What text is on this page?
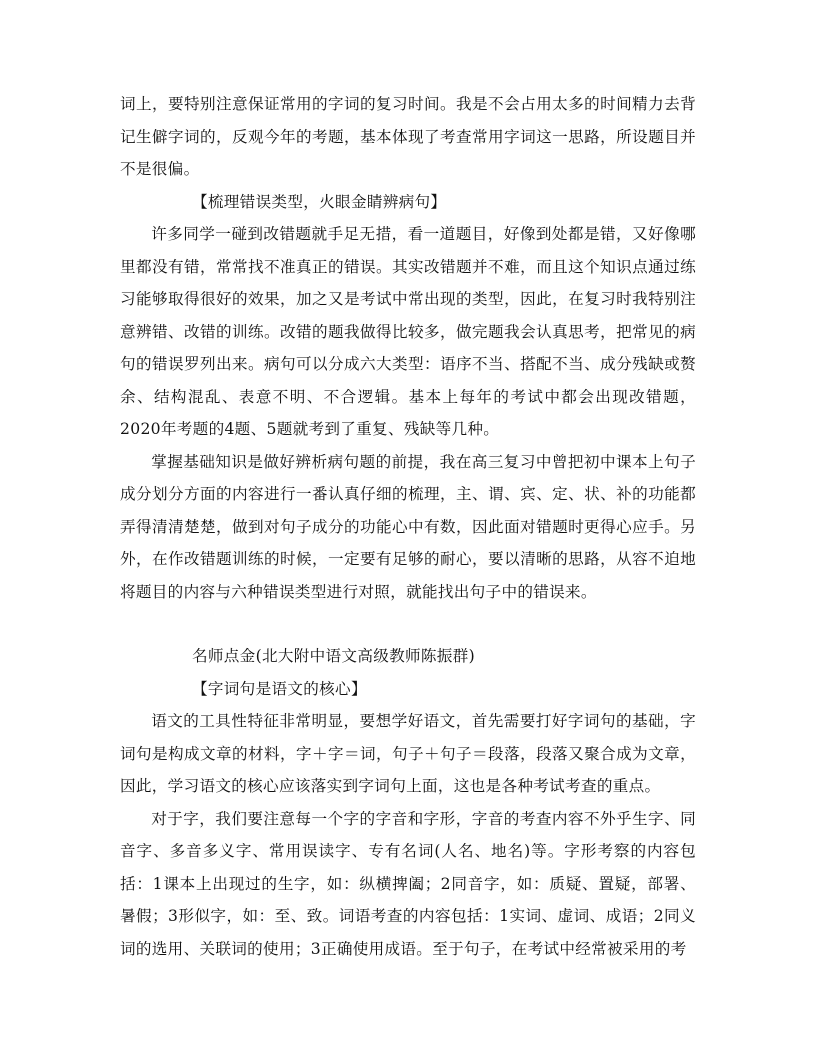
词上，要特别注意保证常用的字词的复习时间。我是不会占用太多的时间精力去背记生僻字词的，反观今年的考题，基本体现了考查常用字词这一思路，所设题目并不是很偏。

【梳理错误类型，火眼金睛辨病句】

许多同学一碰到改错题就手足无措，看一道题目，好像到处都是错，又好像哪里都没有错，常常找不准真正的错误。其实改错题并不难，而且这个知识点通过练习能够取得很好的效果，加之又是考试中常出现的类型，因此，在复习时我特别注意辨错、改错的训练。改错的题我做得比较多，做完题我会认真思考，把常见的病句的错误罗列出来。病句可以分成六大类型：语序不当、搭配不当、成分残缺或赘余、结构混乱、表意不明、不合逻辑。基本上每年的考试中都会出现改错题，2020年考题的4题、5题就考到了重复、残缺等几种。

掌握基础知识是做好辨析病句题的前提，我在高三复习中曾把初中课本上句子成分划分方面的内容进行一番认真仔细的梳理，主、谓、宾、定、状、补的功能都弄得清清楚楚，做到对句子成分的功能心中有数，因此面对错题时更得心应手。另外，在作改错题训练的时候，一定要有足够的耐心，要以清晰的思路，从容不迫地将题目的内容与六种错误类型进行对照，就能找出句子中的错误来。

名师点金(北大附中语文高级教师陈振群)

【字词句是语文的核心】

语文的工具性特征非常明显，要想学好语文，首先需要打好字词句的基础，字词句是构成文章的材料，字＋字＝词，句子＋句子＝段落，段落又聚合成为文章，因此，学习语文的核心应该落实到字词句上面，这也是各种考试考查的重点。

对于字，我们要注意每一个字的字音和字形，字音的考查内容不外乎生字、同音字、多音多义字、常用误读字、专有名词(人名、地名)等。字形考察的内容包括：1课本上出现过的生字，如：纵横捭阖；2同音字，如：质疑、置疑，部署、暑假；3形似字，如：至、致。词语考查的内容包括：1实词、虚词、成语；2同义词的选用、关联词的使用；3正确使用成语。至于句子，在考试中经常被采用的考
